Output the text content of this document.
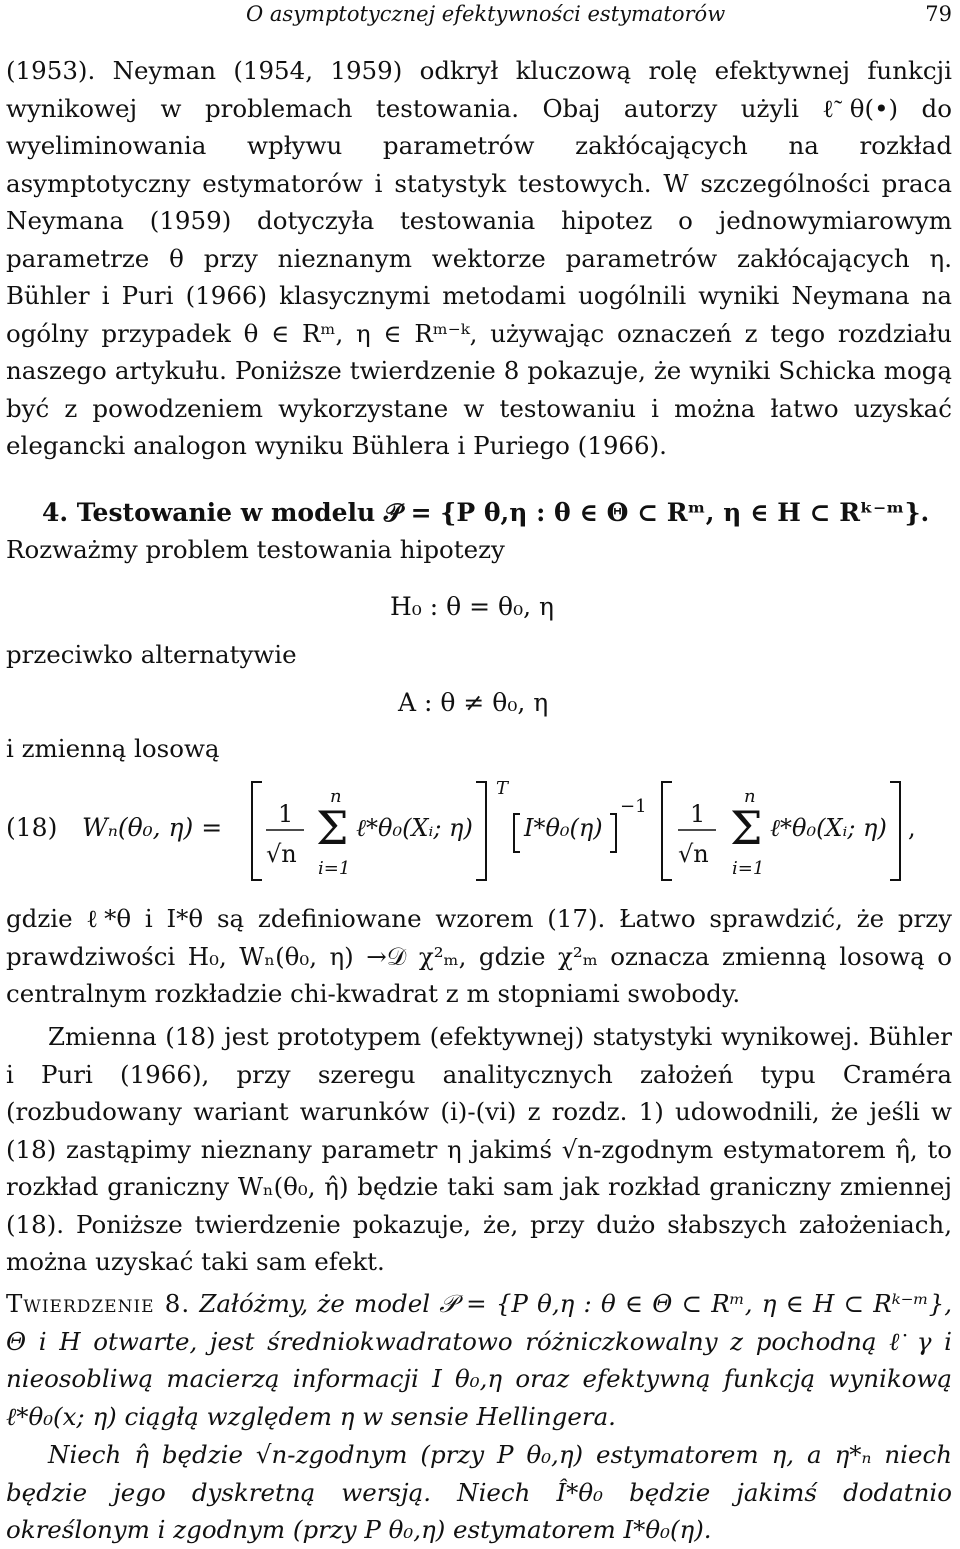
O asymptotycznej efektywności estymatorów	79

(1953). Neyman (1954, 1959) odkrył kluczową rolę efektywnej funkcji wynikowej w problemach testowania. Obaj autorzy użyli ℓ̃θ(•) do wyeliminowania wpływu parametrów zakłócających na rozkład asymptotyczny estymatorów i statystyk testowych. W szczególności praca Neymana (1959) dotyczyła testowania hipotez o jednowymiarowym parametrze θ przy nieznanym wektorze parametrów zakłócających η. Bühler i Puri (1966) klasycznymi metodami uogólnili wyniki Neymana na ogólny przypadek θ ∈ Rᵐ, η ∈ Rᵐ⁻ᵏ, używając oznaczeń z tego rozdziału naszego artykułu. Poniższe twierdzenie 8 pokazuje, że wyniki Schicka mogą być z powodzeniem wykorzystane w testowaniu i można łatwo uzyskać elegancki analogon wyniku Bühlera i Puriego (1966).

4. Testowanie w modelu 𝒫 = {P θ,η : θ ∈ Θ ⊂ Rᵐ, η ∈ H ⊂ Rᵏ⁻ᵐ}.

Rozważmy problem testowania hipotezy

H₀ : θ = θ₀, η
przeciwko alternatywie
A : θ ≠ θ₀, η
i zmienną losową
(18) Wₙ(θ₀, η) = 1
√n
n
Σ
i=1
ℓ*θ₀(Xᵢ; η)
T
I*θ₀(η)
−1 1
√n
n
Σ
i=1
ℓ*θ₀(Xᵢ; η) ,

gdzie ℓ*θ i I*θ są zdefiniowane wzorem (17). Łatwo sprawdzić, że przy prawdziwości H₀, Wₙ(θ₀, η) →𝒟 χ²ₘ, gdzie χ²ₘ oznacza zmienną losową o centralnym rozkładzie chi-kwadrat z m stopniami swobody.

Zmienna (18) jest prototypem (efektywnej) statystyki wynikowej. Bühler i Puri (1966), przy szeregu analitycznych założeń typu Craméra (rozbudowany wariant warunków (i)-(vi) z rozdz. 1) udowodnili, że jeśli w (18) zastąpimy nieznany parametr η jakimś √n-zgodnym estymatorem η̂, to rozkład graniczny Wₙ(θ₀, η̂) będzie taki sam jak rozkład graniczny zmiennej (18). Poniższe twierdzenie pokazuje, że, przy dużo słabszych założeniach, można uzyskać taki sam efekt.

Twierdzenie 8. Załóżmy, że model 𝒫 = {P θ,η : θ ∈ Θ ⊂ Rᵐ, η ∈ H ⊂ Rᵏ⁻ᵐ}, Θ i H otwarte, jest średniokwadratowo różniczkowalny z pochodną ℓ̇ γ i nieosobliwą macierzą informacji I θ₀,η oraz efektywną funkcją wynikową ℓ*θ₀(x; η) ciągłą względem η w sensie Hellingera.

Niech η̂ będzie √n-zgodnym (przy P θ₀,η) estymatorem η, a η*ₙ niech będzie jego dyskretną wersją. Niech Î*θ₀ będzie jakimś dodatnio określonym i zgodnym (przy P θ₀,η) estymatorem I*θ₀(η).
